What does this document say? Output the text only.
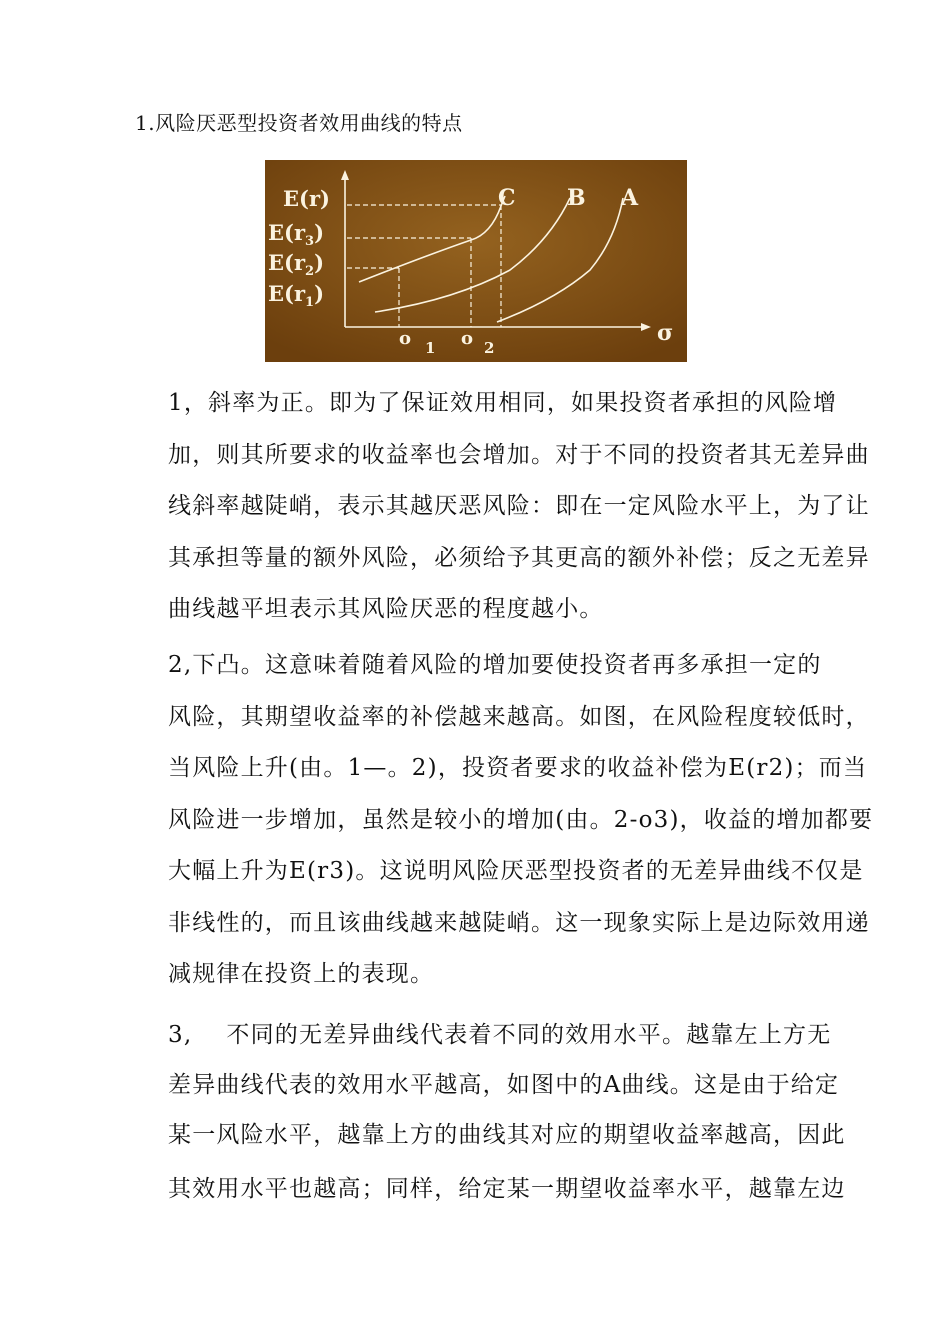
1.风险厌恶型投资者效用曲线的特点
E(r)
$E(r_3)$
$E(r_2)$
$E(r_1)$
C B A
o 1 o 2
σ

1，斜率为正。即为了保证效用相同，如果投资者承担的风险增
加，则其所要求的收益率也会增加。对于不同的投资者其无差异曲
线斜率越陡峭，表示其越厌恶风险：即在一定风险水平上，为了让
其承担等量的额外风险，必须给予其更高的额外补偿；反之无差异
曲线越平坦表示其风险厌恶的程度越小。

2,下凸。这意味着随着风险的增加要使投资者再多承担一定的
风险，其期望收益率的补偿越来越高。如图，在风险程度较低时，
当风险上升(由。1—。2)，投资者要求的收益补偿为E(r2)；而当
风险进一步增加，虽然是较小的增加(由。2-o3)，收益的增加都要
大幅上升为E(r3)。这说明风险厌恶型投资者的无差异曲线不仅是
非线性的，而且该曲线越来越陡峭。这一现象实际上是边际效用递
减规律在投资上的表现。

3,    不同的无差异曲线代表着不同的效用水平。越靠左上方无
差异曲线代表的效用水平越高，如图中的A曲线。这是由于给定
某一风险水平，越靠上方的曲线其对应的期望收益率越高，因此

其效用水平也越高；同样，给定某一期望收益率水平，越靠左边
